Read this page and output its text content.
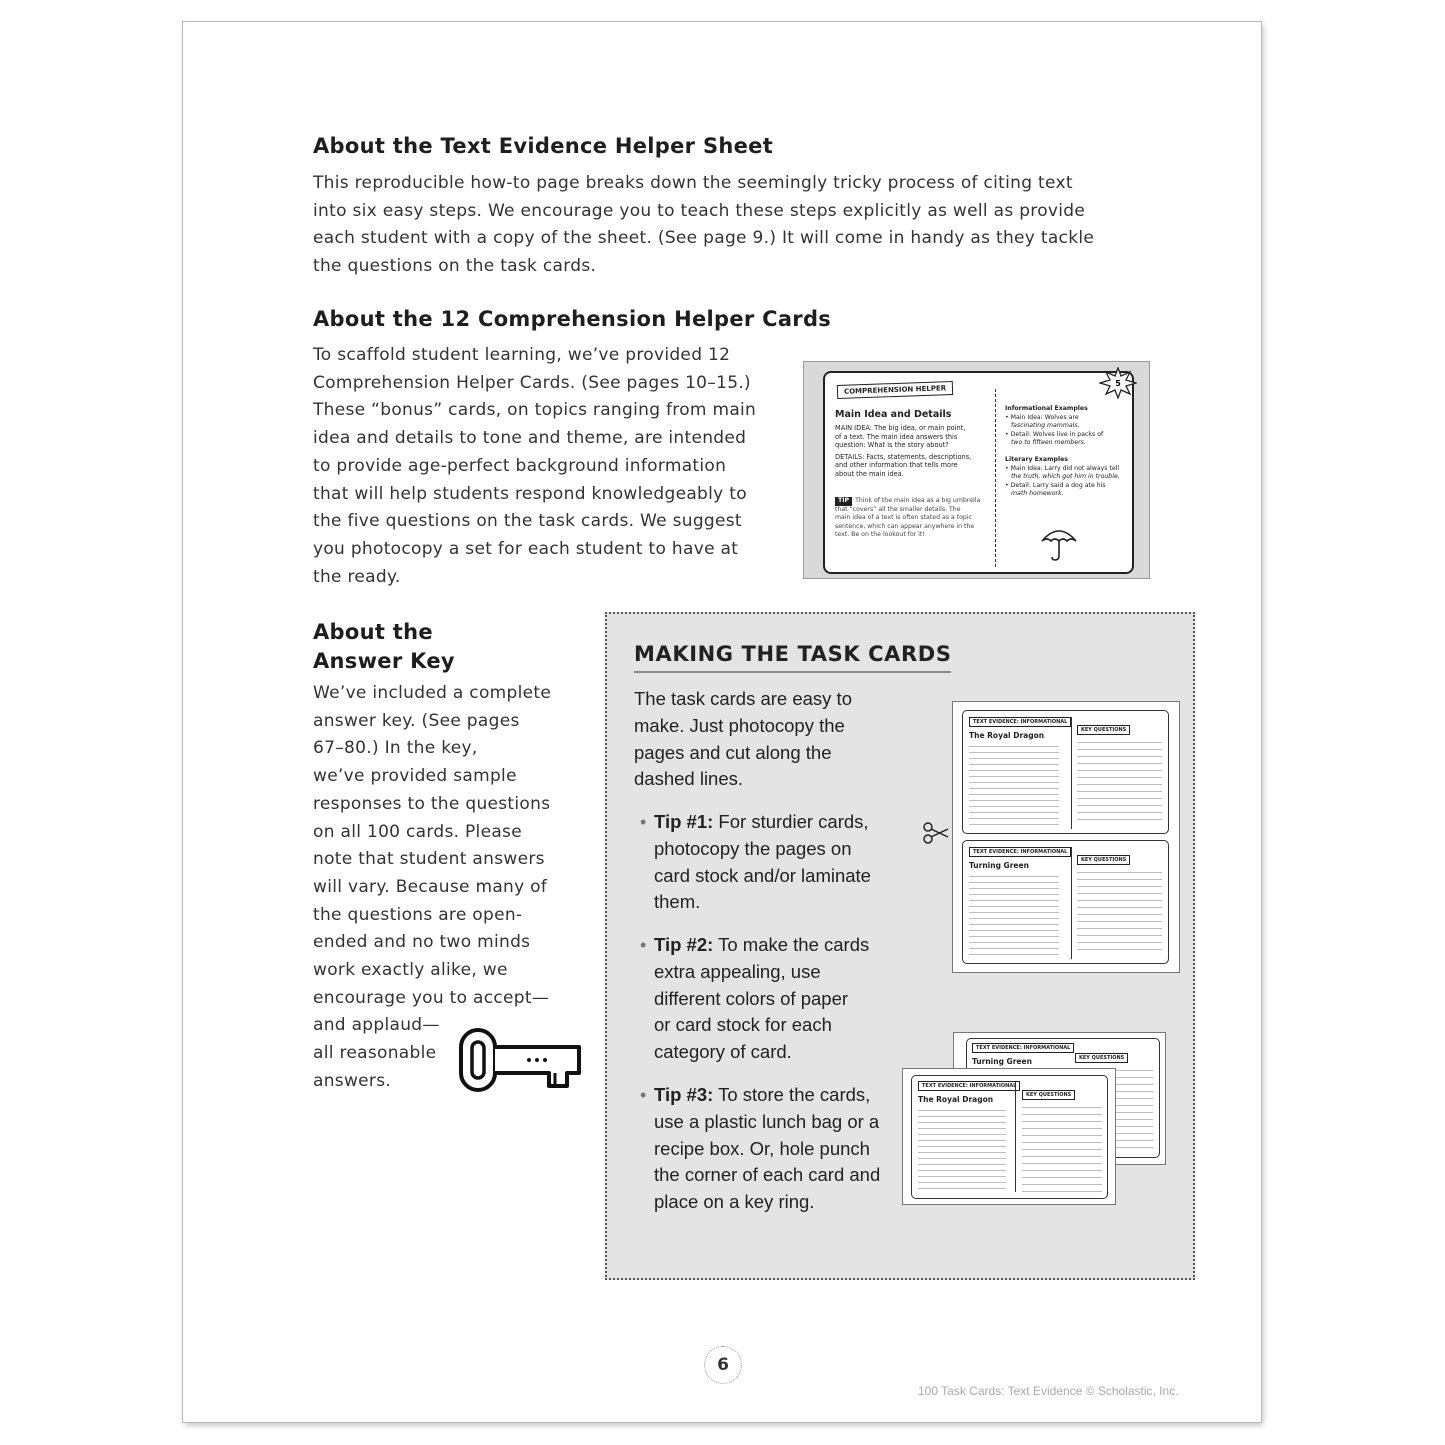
About the Text Evidence Helper Sheet
This reproducible how-to page breaks down the seemingly tricky process of citing text
into six easy steps. We encourage you to teach these steps explicitly as well as provide
each student with a copy of the sheet. (See page 9.) It will come in handy as they tackle
the questions on the task cards.
About the 12 Comprehension Helper Cards
To scaffold student learning, we’ve provided 12
Comprehension Helper Cards. (See pages 10–15.)
These “bonus” cards, on topics ranging from main
idea and details to tone and theme, are intended
to provide age-perfect background information
that will help students respond knowledgeably to
the five questions on the task cards. We suggest
you photocopy a set for each student to have at
the ready.
COMPREHENSION HELPER
5
Main Idea and Details
MAIN IDEA: The big idea, or main point,
of a text. The main idea answers this
question: What is the story about?
DETAILS: Facts, statements, descriptions,
and other information that tells more
about the main idea.
TIP Think of the main idea as a big umbrella
that “covers” all the smaller details. The
main idea of a text is often stated as a topic
sentence, which can appear anywhere in the
text. Be on the lookout for it!
Informational Examples
• Main Idea: Wolves are
fascinating mammals.
• Detail: Wolves live in packs of
two to fifteen members.
Literary Examples
• Main Idea: Larry did not always tell
the truth, which got him in trouble.
• Detail: Larry said a dog ate his
math homework.
About the
Answer Key
We’ve included a complete
answer key. (See pages
67–80.) In the key,
we’ve provided sample
responses to the questions
on all 100 cards. Please
note that student answers
will vary. Because many of
the questions are open-
ended and no two minds
work exactly alike, we
encourage you to accept—
and applaud—
all reasonable
answers.
MAKING THE TASK CARDS
The task cards are easy to
make. Just photocopy the
pages and cut along the
dashed lines.
• Tip #1: For sturdier cards,
photocopy the pages on
card stock and/or laminate
them.
• Tip #2: To make the cards
extra appealing, use
different colors of paper
or card stock for each
category of card.
• Tip #3: To store the cards,
use a plastic lunch bag or a
recipe box. Or, hole punch
the corner of each card and
place on a key ring.
TEXT EVIDENCE: INFORMATIONAL
The Royal Dragon
KEY QUESTIONS
TEXT EVIDENCE: INFORMATIONAL
Turning Green
KEY QUESTIONS
TEXT EVIDENCE: INFORMATIONAL
Turning Green	KEY QUESTIONS
TEXT EVIDENCE: INFORMATIONAL
The Royal Dragon	KEY QUESTIONS
6
100 Task Cards: Text Evidence © Scholastic, Inc.
